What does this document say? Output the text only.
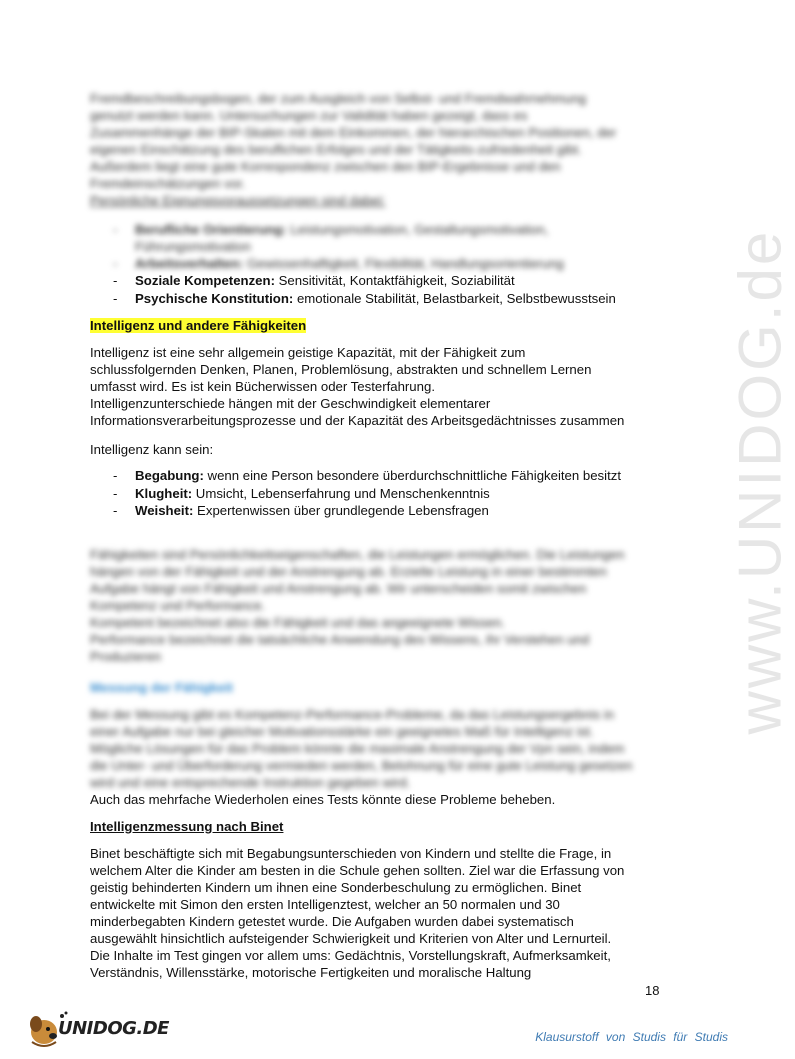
www.UNIDOG.de
Fremdbeschreibungsbogen, der zum Ausgleich von Selbst- und Fremdwahrnehmung
genutzt werden kann. Untersuchungen zur Validität haben gezeigt, dass es
Zusammenhänge der BIP-Skalen mit dem Einkommen, der hierarchischen Positionen, der
eigenen Einschätzung des beruflichen Erfolges und der Tätigkeits-zufriedenheit gibt.
Außerdem liegt eine gute Korrespondenz zwischen den BIP-Ergebnisse und den
Fremdeinschätzungen vor.
Persönliche Eignungsvoraussetzungen sind dabei:
- Berufliche Orientierung: Leistungsmotivation, Gestaltungsmotivation,
Führungsmotivation
- Arbeitsverhalten: Gewissenhaftigkeit, Flexibilität, Handlungsorientierung
- Soziale Kompetenzen: Sensitivität, Kontaktfähigkeit, Soziabilität
- Psychische Konstitution: emotionale Stabilität, Belastbarkeit, Selbstbewusstsein
Intelligenz und andere Fähigkeiten
Intelligenz ist eine sehr allgemein geistige Kapazität, mit der Fähigkeit zum
schlussfolgernden Denken, Planen, Problemlösung, abstrakten und schnellem Lernen
umfasst wird. Es ist kein Bücherwissen oder Testerfahrung.
Intelligenzunterschiede hängen mit der Geschwindigkeit elementarer
Informationsverarbeitungsprozesse und der Kapazität des Arbeitsgedächtnisses zusammen
Intelligenz kann sein:
- Begabung: wenn eine Person besondere überdurchschnittliche Fähigkeiten besitzt
- Klugheit: Umsicht, Lebenserfahrung und Menschenkenntnis
- Weisheit: Expertenwissen über grundlegende Lebensfragen
Fähigkeiten sind Persönlichkeitseigenschaften, die Leistungen ermöglichen. Die Leistungen
hängen von der Fähigkeit und der Anstrengung ab. Erzielte Leistung in einer bestimmten
Aufgabe hängt von Fähigkeit und Anstrengung ab. Wir unterscheiden somit zwischen
Kompetenz und Performance.
Kompetent bezeichnet also die Fähigkeit und das angeeignete Wissen.
Performance bezeichnet die tatsächliche Anwendung des Wissens, ihr Verstehen und
Produzieren
Messung der Fähigkeit
Bei der Messung gibt es Kompetenz-Performance-Probleme, da das Leistungsergebnis in
einer Aufgabe nur bei gleicher Motivationsstärke ein geeignetes Maß für Intelligenz ist.
Mögliche Lösungen für das Problem könnte die maximale Anstrengung der Vpn sein, indem
die Unter- und Überforderung vermieden werden, Belohnung für eine gute Leistung gesetzen
wird und eine entsprechende Instruktion gegeben wird.
Auch das mehrfache Wiederholen eines Tests könnte diese Probleme beheben.
Intelligenzmessung nach Binet
Binet beschäftigte sich mit Begabungsunterschieden von Kindern und stellte die Frage, in
welchem Alter die Kinder am besten in die Schule gehen sollten. Ziel war die Erfassung von
geistig behinderten Kindern um ihnen eine Sonderbeschulung zu ermöglichen. Binet
entwickelte mit Simon den ersten Intelligenztest, welcher an 50 normalen und 30
minderbegabten Kindern getestet wurde. Die Aufgaben wurden dabei systematisch
ausgewählt hinsichtlich aufsteigender Schwierigkeit und Kriterien von Alter und Lernurteil.
Die Inhalte im Test gingen vor allem ums: Gedächtnis, Vorstellungskraft, Aufmerksamkeit,
Verständnis, Willensstärke, motorische Fertigkeiten und moralische Haltung
18
UNIDOG.DE	Klausurstoff von Studis für Studis
